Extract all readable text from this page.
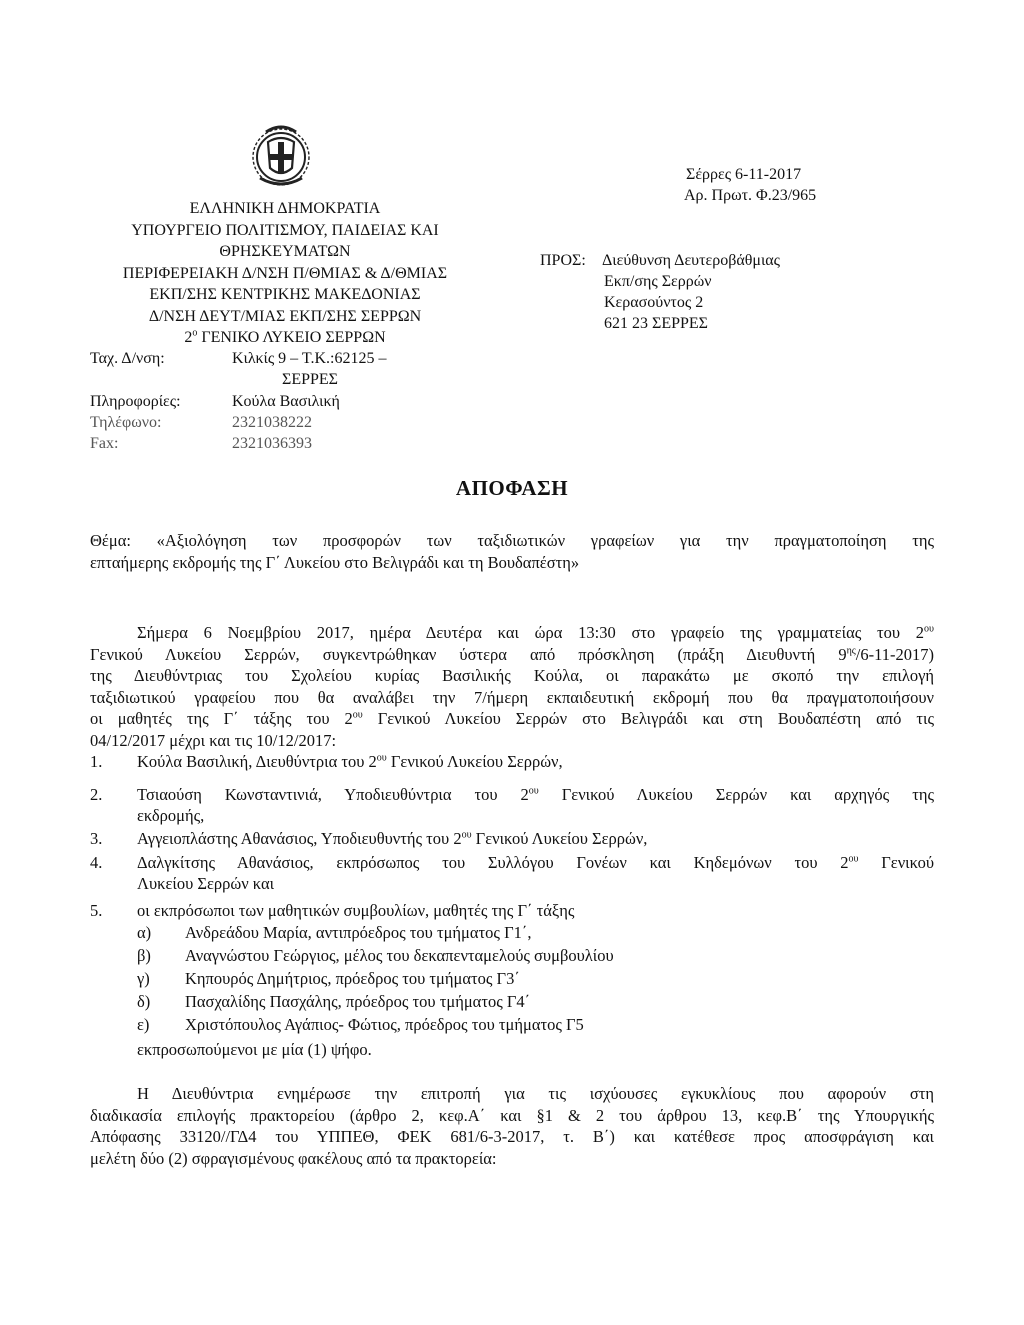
ΕΛΛΗΝΙΚΗ ΔΗΜΟΚΡΑΤΙΑ
ΥΠΟΥΡΓΕΙΟ ΠΟΛΙΤΙΣΜΟΥ, ΠΑΙΔΕΙΑΣ ΚΑΙ
ΘΡΗΣΚΕΥΜΑΤΩΝ
ΠΕΡΙΦΕΡΕΙΑΚΗ Δ/ΝΣΗ Π/ΘΜΙΑΣ & Δ/ΘΜΙΑΣ
ΕΚΠ/ΣΗΣ ΚΕΝΤΡΙΚΗΣ ΜΑΚΕΔΟΝΙΑΣ
Δ/ΝΣΗ ΔΕΥΤ/ΜΙΑΣ ΕΚΠ/ΣΗΣ ΣΕΡΡΩΝ
$2^o$ ΓΕΝΙΚΟ ΛΥΚΕΙΟ ΣΕΡΡΩΝ
Ταχ. Δ/νση:	Κιλκίς 9 – Τ.Κ.:62125 –
ΣΕΡΡΕΣ
Πληροφορίες:	Κούλα Βασιλική
Τηλέφωνο:	2321038222
Fax:	2321036393
Σέρρες 6-11-2017
Αρ. Πρωτ. Φ.23/965
ΠΡΟΣ: Διεύθυνση Δευτεροβάθμιας
Εκπ/σης Σερρών
Κερασούντος 2
621 23 ΣΕΡΡΕΣ
ΑΠΟΦΑΣΗ
Θέμα: «Αξιολόγηση των προσφορών των ταξιδιωτικών γραφείων για την πραγματοποίηση της
επταήμερης εκδρομής της Γ΄ Λυκείου στο Βελιγράδι και τη Βουδαπέστη»
Σήμερα 6 Νοεμβρίου 2017, ημέρα Δευτέρα και ώρα 13:30 στο γραφείο της γραμματείας του $2^{o\upsilon}$
Γενικού Λυκείου Σερρών, συγκεντρώθηκαν ύστερα από πρόσκληση (πράξη Διευθυντή $9^{\eta\varsigma}/6-11-2017$)
της Διευθύντριας του Σχολείου κυρίας Βασιλικής Κούλα, οι παρακάτω με σκοπό την επιλογή
ταξιδιωτικού γραφείου που θα αναλάβει την 7/ήμερη εκπαιδευτική εκδρομή που θα πραγματοποιήσουν
οι μαθητές της Γ΄ τάξης του $2^{o\upsilon}$ Γενικού Λυκείου Σερρών στο Βελιγράδι και στη Βουδαπέστη από τις
04/12/2017 μέχρι και τις 10/12/2017:
1. Κούλα Βασιλική, Διευθύντρια του $2^{o\upsilon}$ Γενικού Λυκείου Σερρών,
2. Τσιαούση Κωνσταντινιά, Υποδιευθύντρια του $2^{o\upsilon}$ Γενικού Λυκείου Σερρών και αρχηγός της
εκδρομής,
3. Αγγειοπλάστης Αθανάσιος, Υποδιευθυντής του $2^{o\upsilon}$ Γενικού Λυκείου Σερρών,
4. Δαλγκίτσης Αθανάσιος, εκπρόσωπος του Συλλόγου Γονέων και Κηδεμόνων του $2^{o\upsilon}$ Γενικού
Λυκείου Σερρών και
5. οι εκπρόσωποι των μαθητικών συμβουλίων, μαθητές της Γ΄ τάξης
α) Ανδρεάδου Μαρία, αντιπρόεδρος του τμήματος Γ1΄,
β) Αναγνώστου Γεώργιος, μέλος του δεκαπενταμελούς συμβουλίου
γ) Κηπουρός Δημήτριος, πρόεδρος του τμήματος Γ3΄
δ) Πασχαλίδης Πασχάλης, πρόεδρος του τμήματος Γ4΄
ε) Χριστόπουλος Αγάπιος- Φώτιος, πρόεδρος του τμήματος Γ5
εκπροσωπούμενοι με μία (1) ψήφο.
Η Διευθύντρια ενημέρωσε την επιτροπή για τις ισχύουσες εγκυκλίους που αφορούν στη
διαδικασία επιλογής πρακτορείου (άρθρο 2, κεφ.Α΄ και §1 & 2 του άρθρου 13, κεφ.Β΄ της Υπουργικής
Απόφασης 33120//ΓΔ4 του ΥΠΠΕΘ, ΦΕΚ 681/6-3-2017, τ. Β΄) και κατέθεσε προς αποσφράγιση και
μελέτη δύο (2) σφραγισμένους φακέλους από τα πρακτορεία:
